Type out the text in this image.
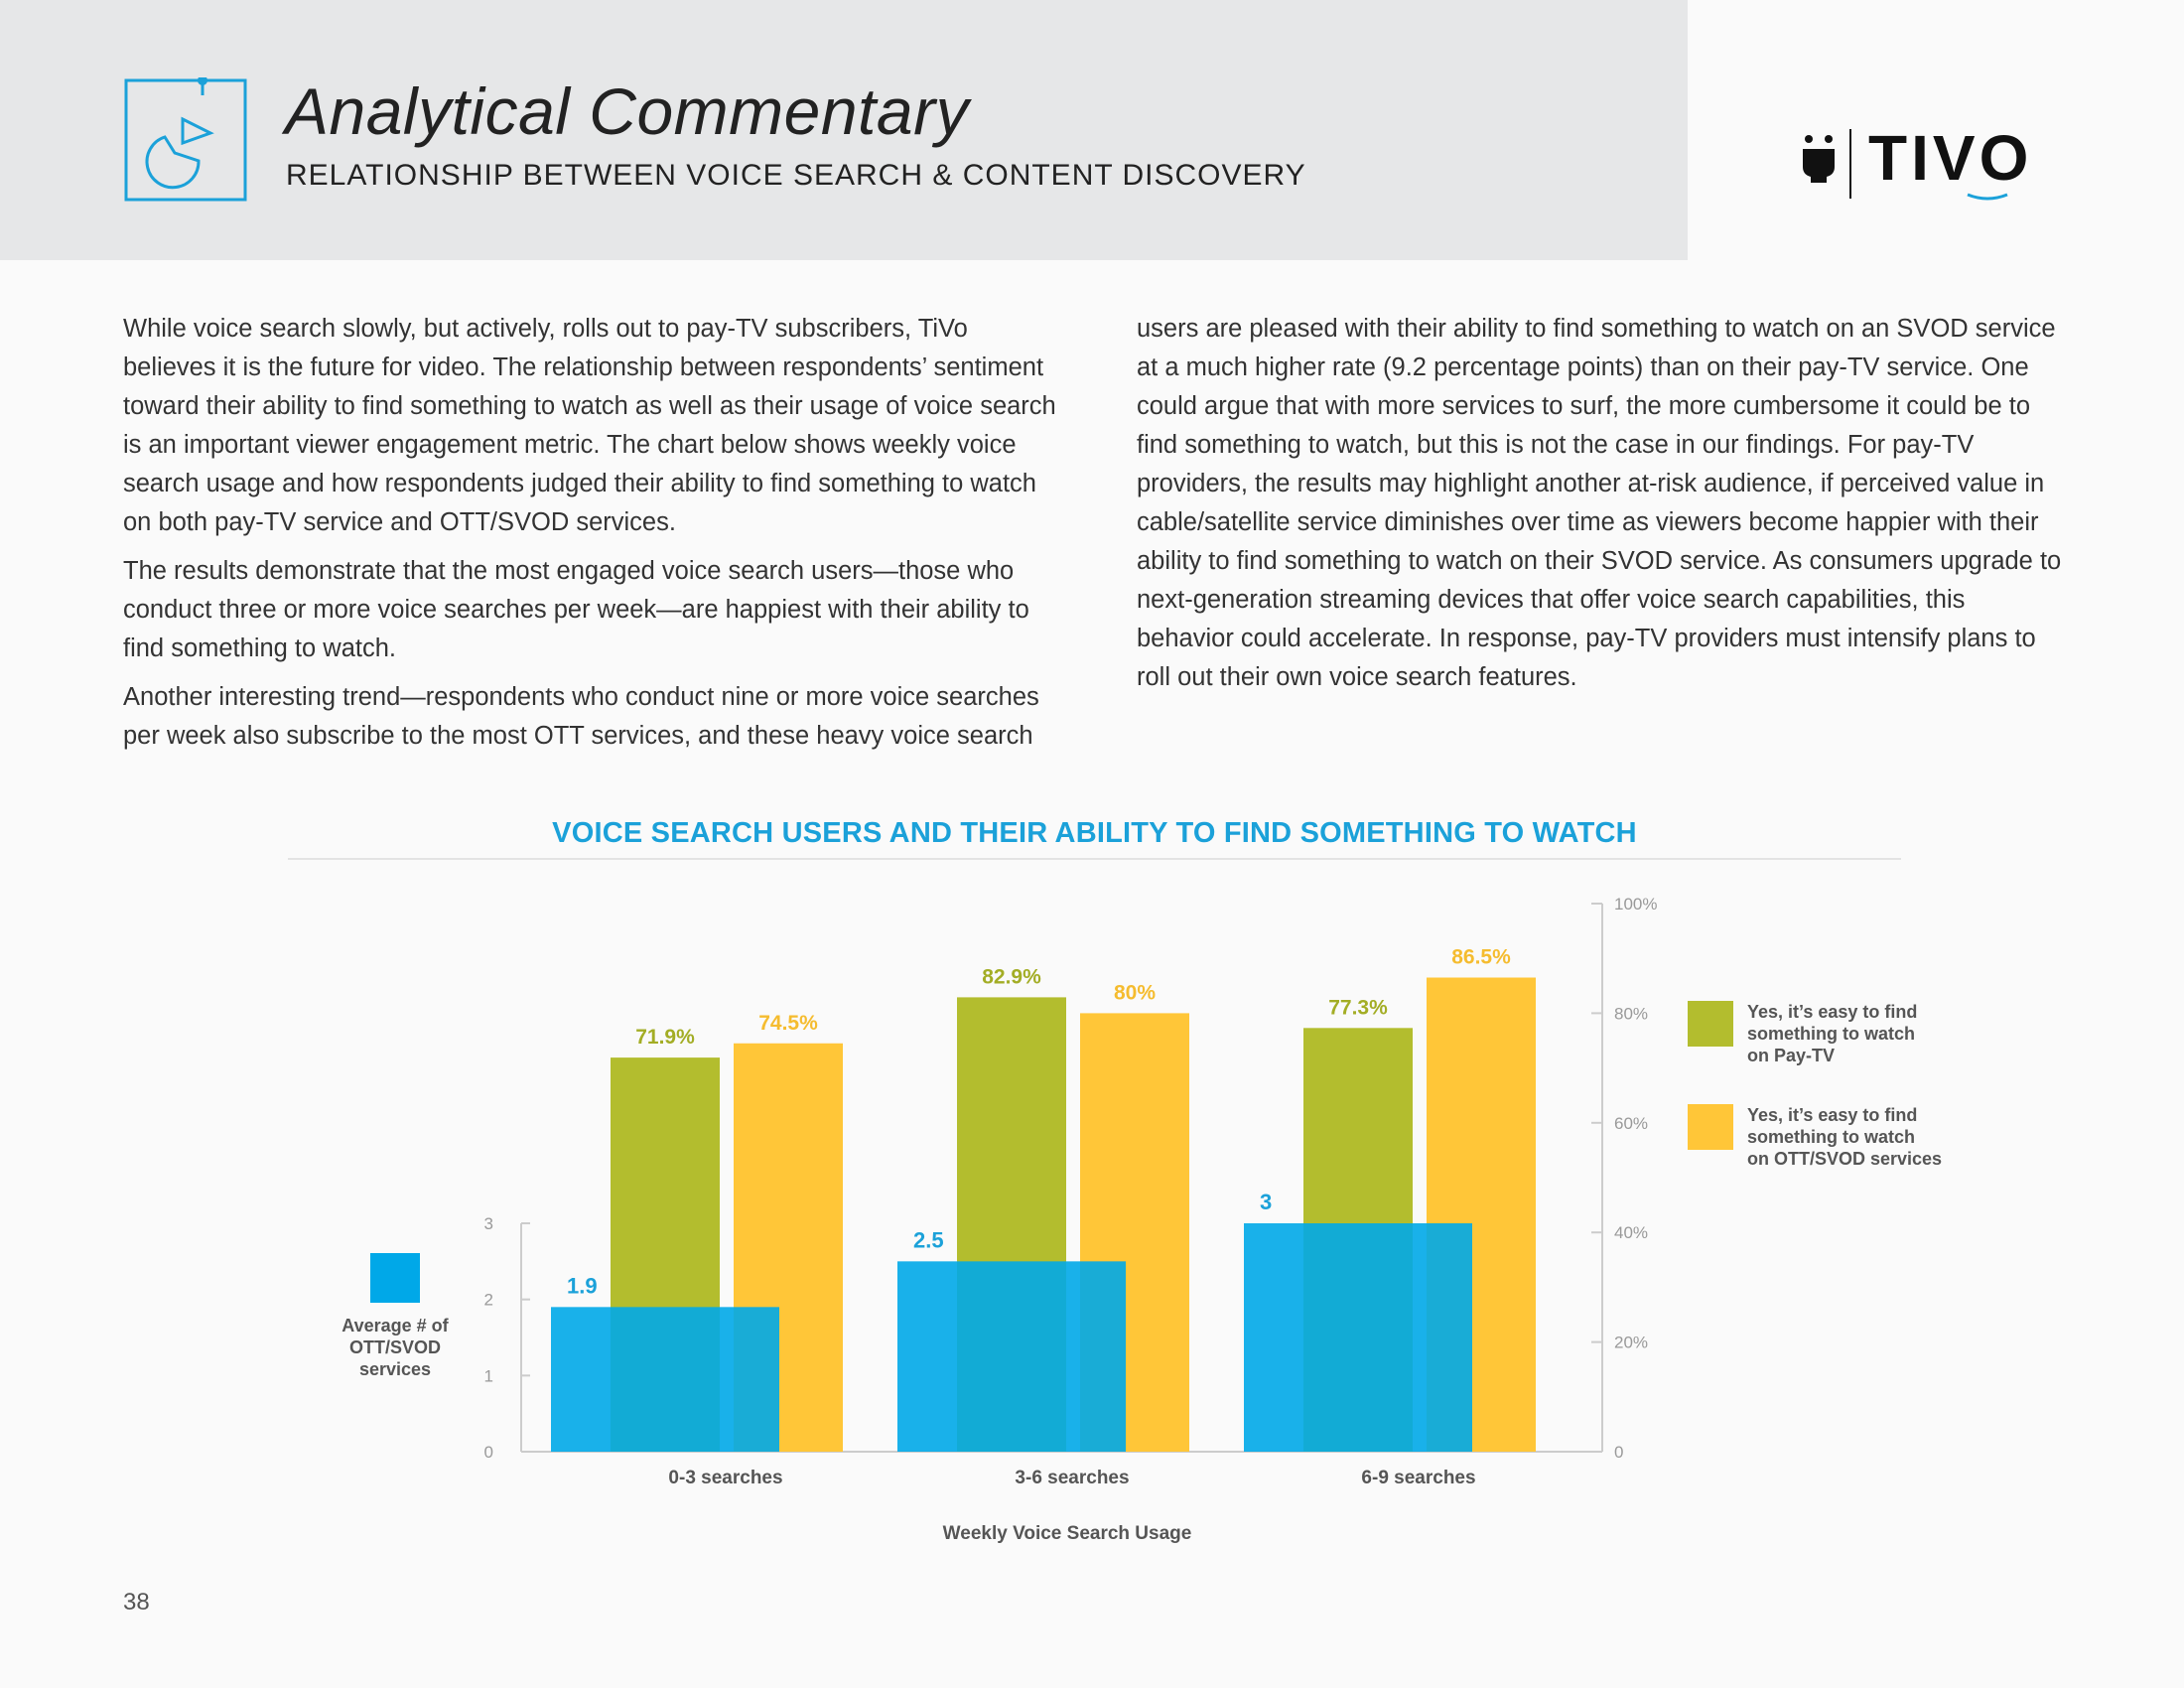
Analytical Commentary
RELATIONSHIP BETWEEN VOICE SEARCH & CONTENT DISCOVERY	TIVO

While voice search slowly, but actively, rolls out to pay-TV subscribers, TiVo believes it is the future for video. The relationship between respondents’ sentiment toward their ability to find something to watch as well as their usage of voice search is an important viewer engagement metric. The chart below shows weekly voice search usage and how respondents judged their ability to find something to watch on both pay-TV service and OTT/SVOD services.

The results demonstrate that the most engaged voice search users—those who conduct three or more voice searches per week—are happiest with their ability to find something to watch.

Another interesting trend—respondents who conduct nine or more voice searches per week also subscribe to the most OTT services, and these heavy voice search

users are pleased with their ability to find something to watch on an SVOD service at a much higher rate (9.2 percentage points) than on their pay-TV service. One could argue that with more services to surf, the more cumbersome it could be to find something to watch, but this is not the case in our findings. For pay-TV providers, the results may highlight another at-risk audience, if perceived value in cable/satellite service diminishes over time as viewers become happier with their ability to find something to watch on their SVOD service. As consumers upgrade to next-generation streaming devices that offer voice search capabilities, this behavior could accelerate. In response, pay-TV providers must intensify plans to roll out their own voice search features.

VOICE SEARCH USERS AND THEIR ABILITY TO FIND SOMETHING TO WATCH
0
20%
40%
60%
80%
100%
0
1
2
3
71.9%
74.5%
1.9
0-3 searches
82.9%
80%
2.5
3-6 searches
77.3%
86.5%
3
6-9 searches
Average # of
OTT/SVOD
services
Yes, it’s easy to find
something to watch
on Pay-TV
Yes, it’s easy to find
something to watch
on OTT/SVOD services
Weekly Voice Search Usage
38
